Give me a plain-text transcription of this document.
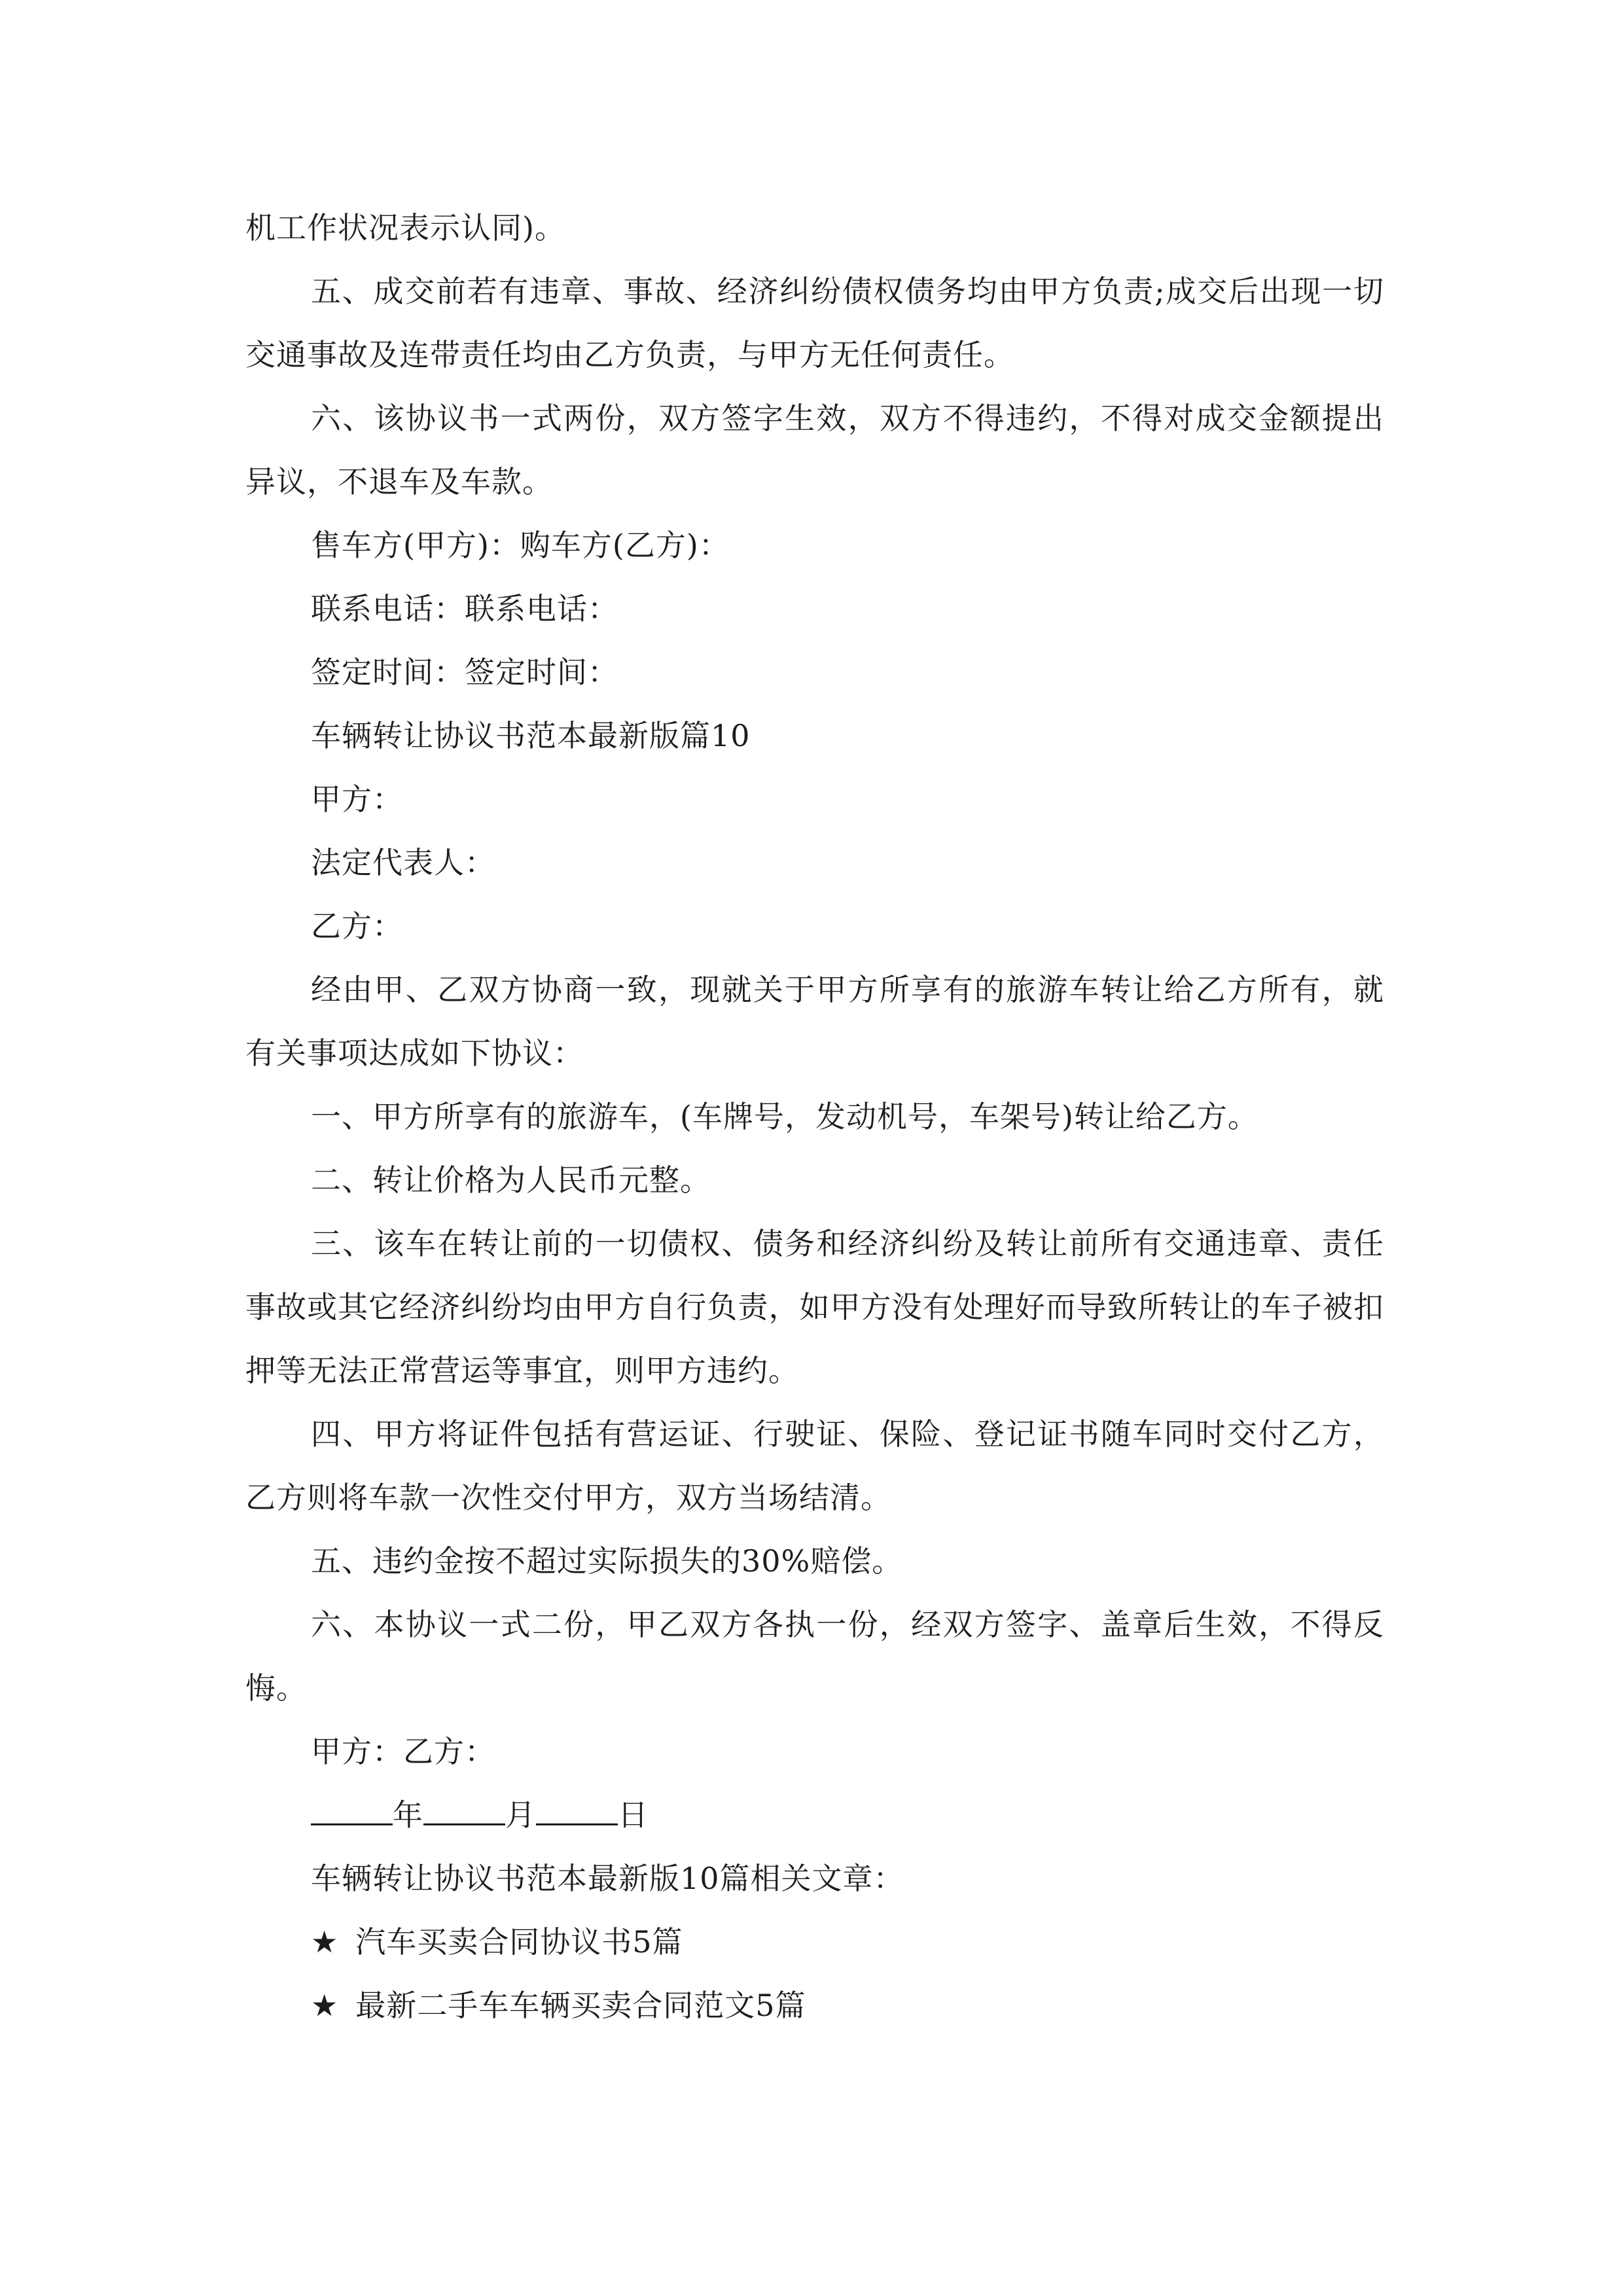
机工作状况表示认同)。

五、成交前若有违章、事故、经济纠纷债权债务均由甲方负责;成交后出现一切交通事故及连带责任均由乙方负责，与甲方无任何责任。

六、该协议书一式两份，双方签字生效，双方不得违约，不得对成交金额提出异议，不退车及车款。

售车方(甲方)：购车方(乙方)：

联系电话：联系电话：

签定时间：签定时间：

车辆转让协议书范本最新版篇10

甲方：

法定代表人：

乙方：

经由甲、乙双方协商一致，现就关于甲方所享有的旅游车转让给乙方所有，就有关事项达成如下协议：

一、甲方所享有的旅游车，(车牌号，发动机号，车架号)转让给乙方。

二、转让价格为人民币元整。

三、该车在转让前的一切债权、债务和经济纠纷及转让前所有交通违章、责任事故或其它经济纠纷均由甲方自行负责，如甲方没有处理好而导致所转让的车子被扣押等无法正常营运等事宜，则甲方违约。

四、甲方将证件包括有营运证、行驶证、保险、登记证书随车同时交付乙方，乙方则将车款一次性交付甲方，双方当场结清。

五、违约金按不超过实际损失的30%赔偿。

六、本协议一式二份，甲乙双方各执一份，经双方签字、盖章后生效，不得反悔。

甲方：乙方：

年	月	日

车辆转让协议书范本最新版10篇相关文章：

★ 汽车买卖合同协议书5篇

★ 最新二手车车辆买卖合同范文5篇
